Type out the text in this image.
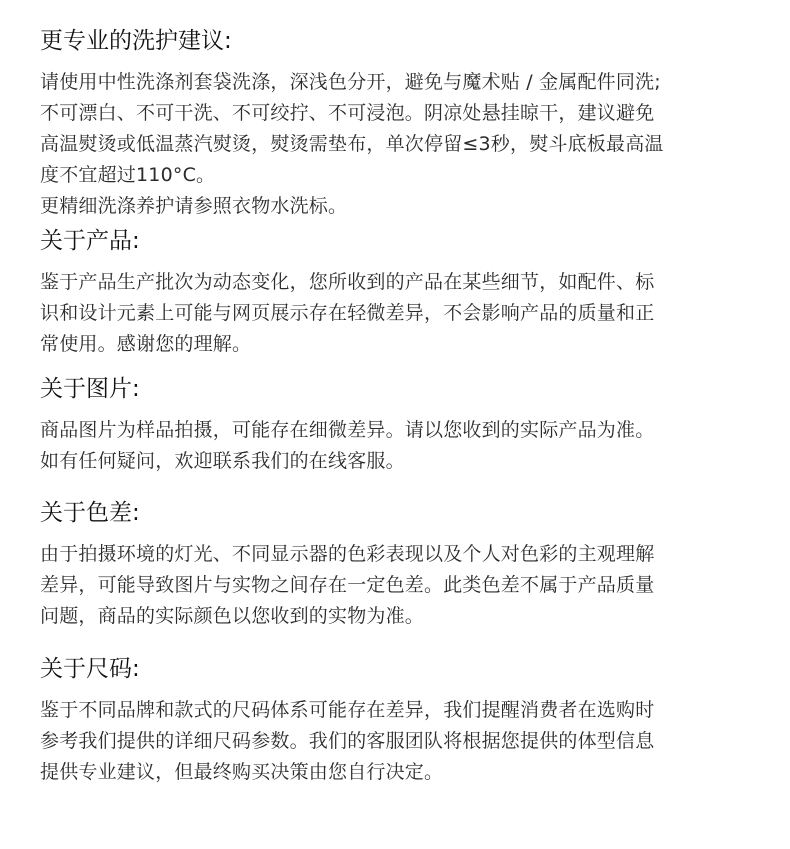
更专业的洗护建议:

请使用中性洗涤剂套袋洗涤，深浅色分开，避免与魔术贴 / 金属配件同洗;
不可漂白、不可干洗、不可绞拧、不可浸泡。阴凉处悬挂晾干，建议避免
高温熨烫或低温蒸汽熨烫，熨烫需垫布，单次停留≤3秒，熨斗底板最高温
度不宜超过110°C。
更精细洗涤养护请参照衣物水洗标。

关于产品:

鉴于产品生产批次为动态变化，您所收到的产品在某些细节，如配件、标
识和设计元素上可能与网页展示存在轻微差异，不会影响产品的质量和正
常使用。感谢您的理解。

关于图片:

商品图片为样品拍摄，可能存在细微差异。请以您收到的实际产品为准。
如有任何疑问，欢迎联系我们的在线客服。

关于色差:

由于拍摄环境的灯光、不同显示器的色彩表现以及个人对色彩的主观理解
差异，可能导致图片与实物之间存在一定色差。此类色差不属于产品质量
问题，商品的实际颜色以您收到的实物为准。

关于尺码:

鉴于不同品牌和款式的尺码体系可能存在差异，我们提醒消费者在选购时
参考我们提供的详细尺码参数。我们的客服团队将根据您提供的体型信息
提供专业建议，但最终购买决策由您自行决定。
